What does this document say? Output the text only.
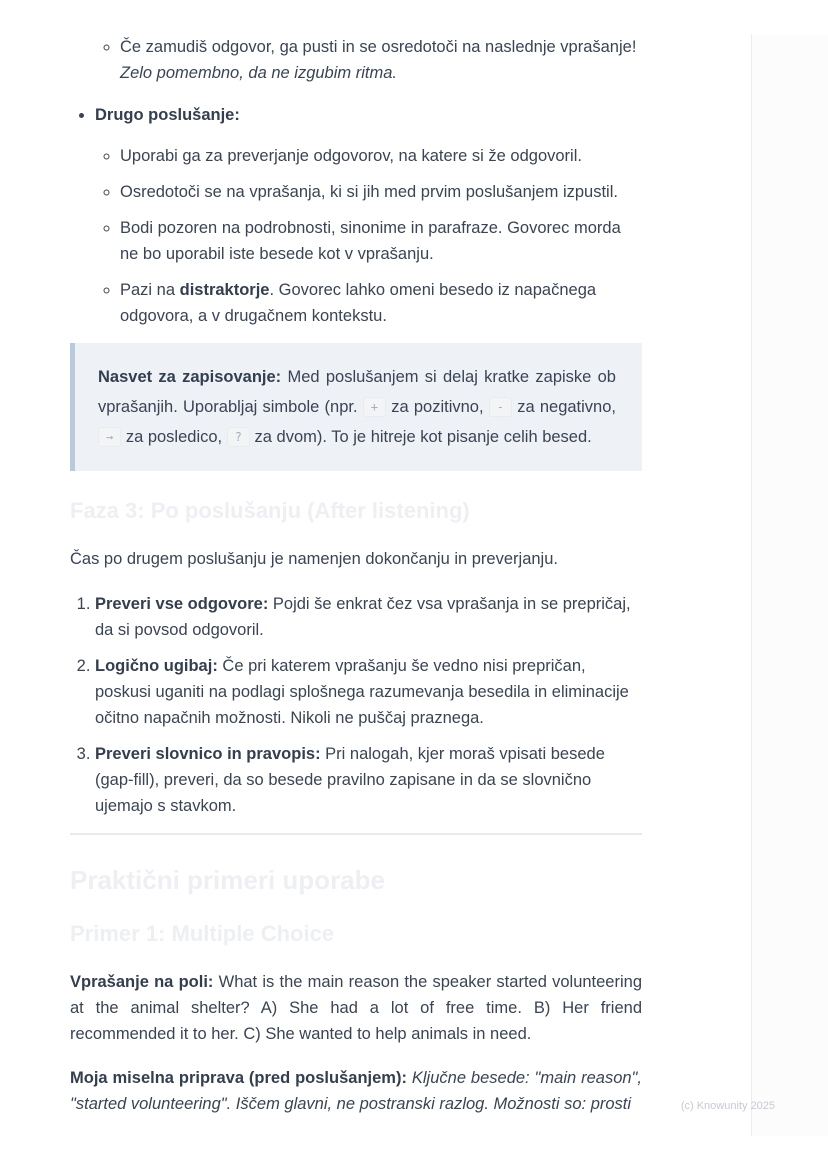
◦ Če zamudiš odgovor, ga pusti in se osredotoči na naslednje vprašanje!
Zelo pomembno, da ne izgubim ritma.
• Drugo poslušanje:
◦ Uporabi ga za preverjanje odgovorov, na katere si že odgovoril.
◦ Osredotoči se na vprašanja, ki si jih med prvim poslušanjem izpustil.
◦ Bodi pozoren na podrobnosti, sinonime in parafraze. Govorec morda ne bo uporabil iste besede kot v vprašanju.
◦ Pazi na distraktorje. Govorec lahko omeni besedo iz napačnega odgovora, a v drugačnem kontekstu.
Nasvet za zapisovanje: Med poslušanjem si delaj kratke zapiske ob vprašanjih. Uporabljaj simbole (npr. + za pozitivno, - za negativno, → za posledico, ? za dvom). To je hitreje kot pisanje celih besed.
Faza 3: Po poslušanju (After listening)

Čas po drugem poslušanju je namenjen dokončanju in preverjanju.

1. Preveri vse odgovore: Pojdi še enkrat čez vsa vprašanja in se prepričaj, da si povsod odgovoril.
2. Logično ugibaj: Če pri katerem vprašanju še vedno nisi prepričan, poskusi uganiti na podlagi splošnega razumevanja besedila in eliminacije očitno napačnih možnosti. Nikoli ne puščaj praznega.
3. Preveri slovnico in pravopis: Pri nalogah, kjer moraš vpisati besede (gap-fill), preveri, da so besede pravilno zapisane in da se slovnično ujemajo s stavkom.
Praktični primeri uporabe
Primer 1: Multiple Choice

Vprašanje na poli: What is the main reason the speaker started volunteering at the animal shelter? A) She had a lot of free time. B) Her friend recommended it to her. C) She wanted to help animals in need.

Moja miselna priprava (pred poslušanjem): Ključne besede: "main reason", "started volunteering". Iščem glavni, ne postranski razlog. Možnosti so: prosti	(c) Knowunity 2025
